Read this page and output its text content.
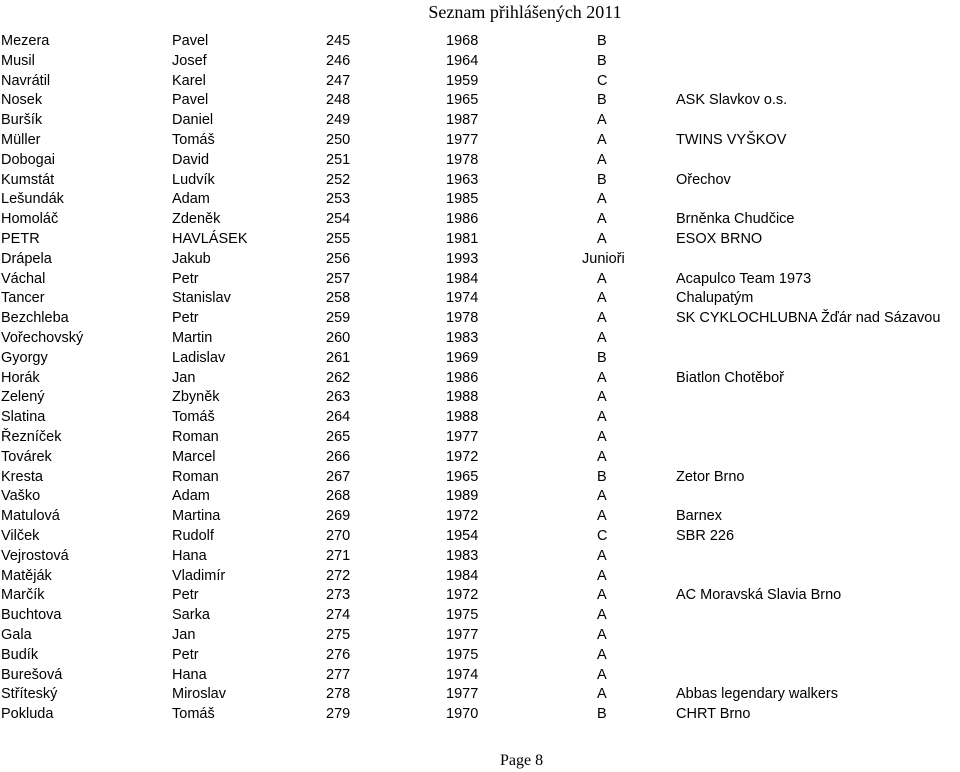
Seznam přihlášených 2011
Mezera	Pavel	245	1968	B
Musil	Josef	246	1964	B
Navrátil	Karel	247	1959	C
Nosek	Pavel	248	1965	B	ASK Slavkov o.s.
Buršík	Daniel	249	1987	A
Müller	Tomáš	250	1977	A	TWINS VYŠKOV
Dobogai	David	251	1978	A
Kumstát	Ludvík	252	1963	B	Ořechov
Lešundák	Adam	253	1985	A
Homoláč	Zdeněk	254	1986	A	Brněnka Chudčice
PETR	HAVLÁSEK	255	1981	A	ESOX BRNO
Drápela	Jakub	256	1993	Junioři
Váchal	Petr	257	1984	A	Acapulco Team 1973
Tancer	Stanislav	258	1974	A	Chalupatým
Bezchleba	Petr	259	1978	A	SK CYKLOCHLUBNA Žďár nad Sázavou
Vořechovský	Martin	260	1983	A
Gyorgy	Ladislav	261	1969	B
Horák	Jan	262	1986	A	Biatlon Chotěboř
Zelený	Zbyněk	263	1988	A
Slatina	Tomáš	264	1988	A
Řezníček	Roman	265	1977	A
Továrek	Marcel	266	1972	A
Kresta	Roman	267	1965	B	Zetor Brno
Vaško	Adam	268	1989	A
Matulová	Martina	269	1972	A	Barnex
Vilček	Rudolf	270	1954	C	SBR 226
Vejrostová	Hana	271	1983	A
Matěják	Vladimír	272	1984	A
Marčík	Petr	273	1972	A	AC Moravská Slavia Brno
Buchtova	Sarka	274	1975	A
Gala	Jan	275	1977	A
Budík	Petr	276	1975	A
Burešová	Hana	277	1974	A
Stříteský	Miroslav	278	1977	A	Abbas legendary walkers
Pokluda	Tomáš	279	1970	B	CHRT Brno
Page 8
